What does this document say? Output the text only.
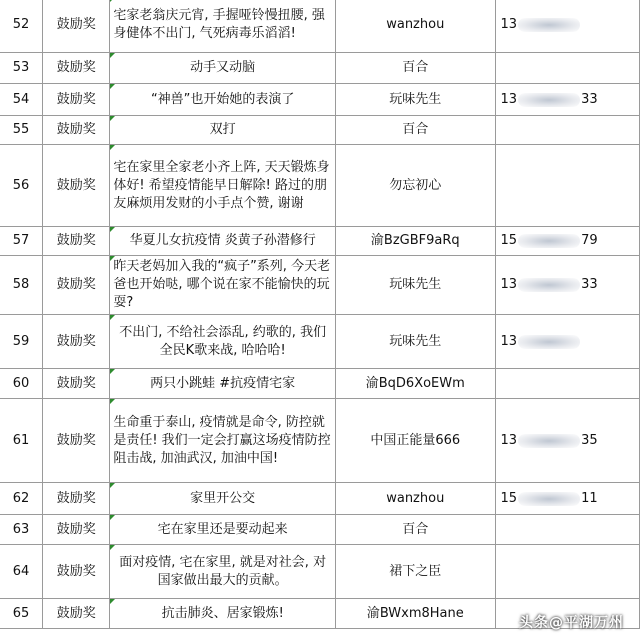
52	鼓励奖	宅家老翁庆元宵, 手握哑铃慢扭腰, 强身健体不出门, 气死病毒乐滔滔!	wanzhou	13

53	鼓励奖	动手又动脑	百合	

54	鼓励奖	“神兽”也开始她的表演了	玩味先生	13 33

55	鼓励奖	双打	百合	

56	鼓励奖	宅在家里全家老小齐上阵, 天天锻炼身体好! 希望疫情能早日解除! 路过的朋友麻烦用发财的小手点个赞, 谢谢	勿忘初心	

57	鼓励奖	华夏儿女抗疫情 炎黄子孙潜修行	渝BzGBF9aRq	15 79

58	鼓励奖	昨天老妈加入我的“疯子”系列, 今天老爸也开始哒, 哪个说在家不能愉快的玩耍?	玩味先生	13 33

59	鼓励奖	不出门, 不给社会添乱, 约歌的, 我们全民K歌来战, 哈哈哈!	玩味先生	13

60	鼓励奖	两只小跳蛙 #抗疫情宅家	渝BqD6XoEWm	

61	鼓励奖	生命重于泰山, 疫情就是命令, 防控就是责任! 我们一定会打赢这场疫情防控阻击战, 加油武汉, 加油中国!	中国正能量666	13 35

62	鼓励奖	家里开公交	wanzhou	15 11

63	鼓励奖	宅在家里还是要动起来	百合	

64	鼓励奖	面对疫情, 宅在家里, 就是对社会, 对国家做出最大的贡献。	裙下之臣	

65	鼓励奖	抗击肺炎、居家锻炼!	渝BWxm8Hane	
头条@平湖万州
